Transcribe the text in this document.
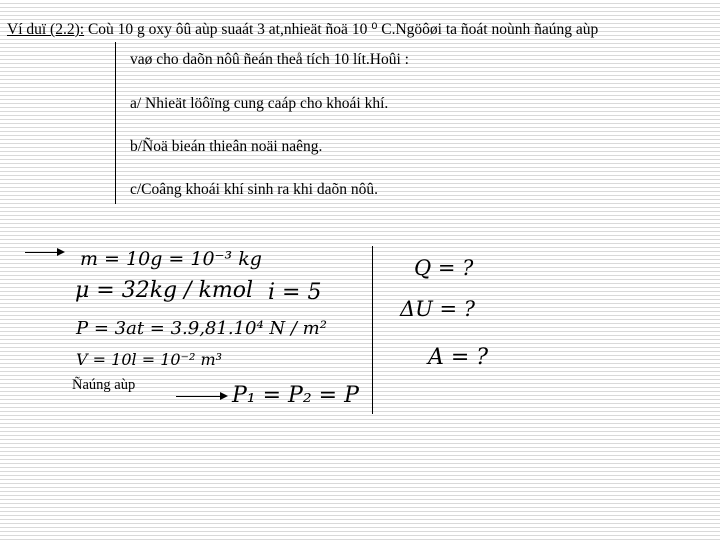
Ví duï (2.2): Coù 10 g oxy ôû aùp suaát 3 at,nhieät ñoä 10 ⁰ C.Ngöôøi ta ñoát noùnh ñaúng aùp
vaø cho daõn nôû ñeán theå tích 10 lít.Hoûi :
a/ Nhieät löôïng cung caáp cho khoái khí.
b/Ñoä bieán thieân noäi naêng.
c/Coâng khoái khí sinh ra khi daõn nôû.
m = 10g = 10⁻³ kg
μ = 32kg / kmol i = 5
P = 3at = 3.9,81.10⁴ N / m²
V = 10l = 10⁻² m³
Ñaúng aùp	P₁ = P₂ = P
Q = ?
ΔU = ?
A = ?
